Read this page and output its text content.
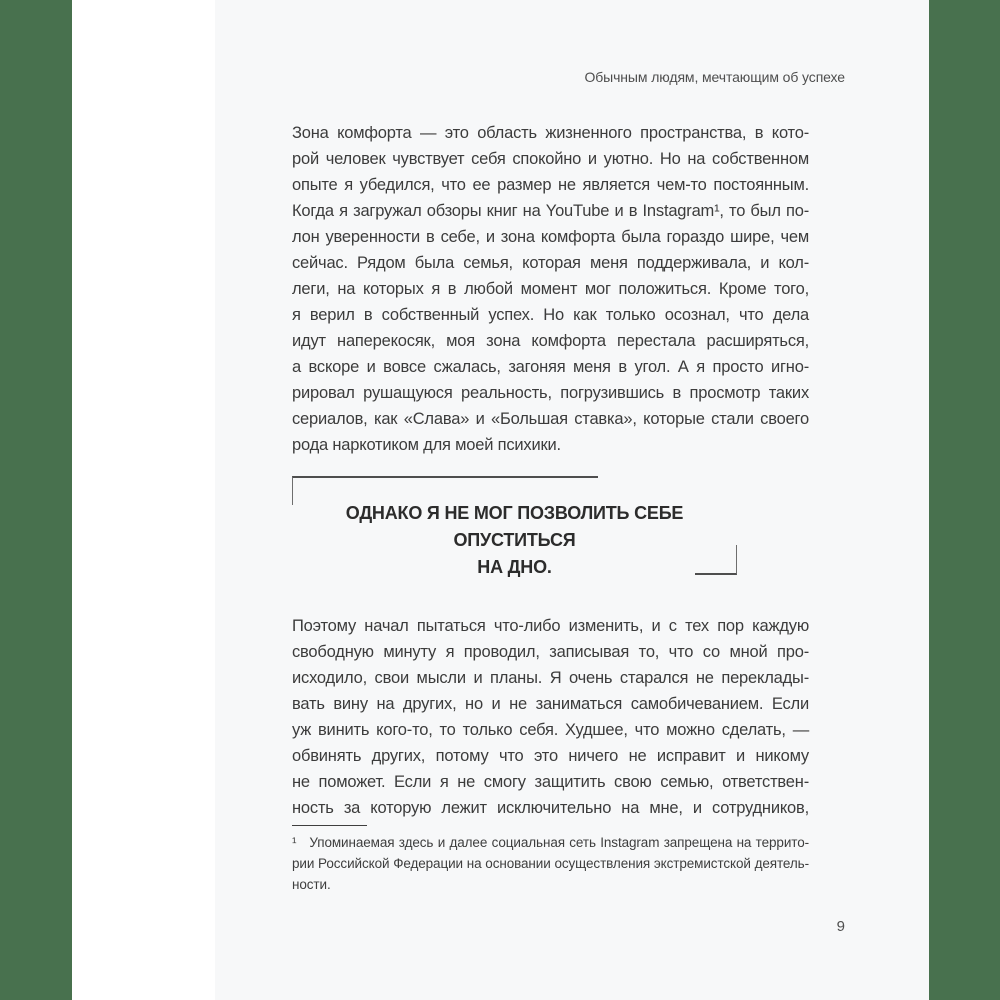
Обычным людям, мечтающим об успехе
Зона комфорта — это область жизненного пространства, в кото-
рой человек чувствует себя спокойно и уютно. Но на собственном
опыте я убедился, что ее размер не является чем-то постоянным.
Когда я загружал обзоры книг на YouTube и в Instagram¹, то был по-
лон уверенности в себе, и зона комфорта была гораздо шире, чем
сейчас. Рядом была семья, которая меня поддерживала, и кол-
леги, на которых я в любой момент мог положиться. Кроме того,
я верил в собственный успех. Но как только осознал, что дела
идут наперекосяк, моя зона комфорта перестала расширяться,
а вскоре и вовсе сжалась, загоняя меня в угол. А я просто игно-
рировал рушащуюся реальность, погрузившись в просмотр таких
сериалов, как «Слава» и «Большая ставка», которые стали своего
рода наркотиком для моей психики.
ОДНАКО Я НЕ МОГ ПОЗВОЛИТЬ СЕБЕ ОПУСТИТЬСЯ
НА ДНО.
Поэтому начал пытаться что-либо изменить, и с тех пор каждую
свободную минуту я проводил, записывая то, что со мной про-
исходило, свои мысли и планы. Я очень старался не переклады-
вать вину на других, но и не заниматься самобичеванием. Если
уж винить кого-то, то только себя. Худшее, что можно сделать, —
обвинять других, потому что это ничего не исправит и никому
не поможет. Если я не смогу защитить свою семью, ответствен-
ность за которую лежит исключительно на мне, и сотрудников,
¹   Упоминаемая здесь и далее социальная сеть Instagram запрещена на террито-
рии Российской Федерации на основании осуществления экстремистской деятель-
ности.
9
